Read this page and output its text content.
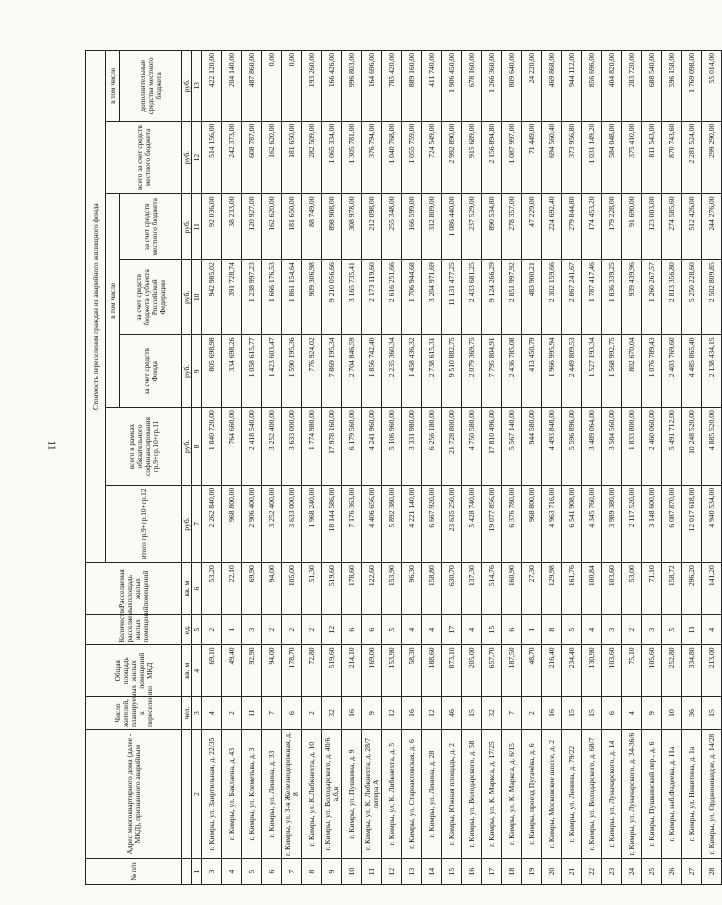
11
№ п/п	Адрес многоквартирного дома (далее - МКД), признанного аварийным	Число жителей, планируемых к переселению	Общая площадь жилых помещений МКД	Количество расселяемых жилых помещений	Расселяемая площадь жилых помещений	Стоимость переселения граждан из аварийного жилищного фонда						
						итого гр.9+гр.10+гр.12	всего в рамках обязательного софинансирования гр.9+гр.10+гр.11	в том числе			всего за счет средств местного бюджета	в том числе
								за счет средств Фонда	за счет средств бюджета субъекта Российской Федерации	за счет средств местного бюджета		дополнительные средства местного бюджета
		чел.	кв. м	ед.	кв. м	руб.	руб.	руб.	руб.	руб.	руб.	руб.
1	2	3	4	5	6	7	8	9	10	11	12	13
3	г. Кимры, ул. Заиртильная, д. 22/35	4	69,10	2	53,20	2 262 840,00	1 840 720,00	805 698,98	942 985,02	92 036,00	514 156,00	422 120,00
4	г. Кимры, ул. Баклаена, д. 43	2	49,40	1	22,10	968 800,00	764 660,00	334 698,26	391 728,74	38 233,00	242 373,00	204 140,00
5	г. Кимры, ул. Клеметьва, д. 3	11	92,90	3	69,90	2 906 400,00	2 418 540,00	1 058 615,77	1 238 997,23	120 927,00	608 787,00	487 860,00
6	г. Кимры, ул. Ленина, д. 33	7	94,00	2	94,00	3 252 400,00	3 252 400,00	1 423 603,47	1 666 176,53	162 620,00	162 620,00	0,00
7	г. Кимры, ул. 3-я Железнодорожная, д. 8	6	178,70	2	105,00	3 633 000,00	3 633 000,00	1 590 195,36	1 861 154,64	181 650,00	181 650,00	0,00
8	г. Кимры, ул. К.Либкнехта, д. 10	2	72,80	2	51,30	1 968 240,00	1 774 980,00	776 924,02	909 306,98	88 749,00	282 509,00	193 260,00
9	г. Кимры, ул. Володарского, д. 40/6 а,б,в	32	519,60	12	519,60	18 144 586,00	17 978 160,00	7 869 195,34	9 210 056,66	898 908,00	1 065 334,00	166 426,00
10	г. Кимры, ул. Пушкина, д. 9	16	214,10	6	178,60	7 176 363,00	6 179 560,00	2 704 846,59	3 165 735,41	308 978,00	1 305 781,00	996 803,00
11	г. Кимры, ул. К. Либкнехта, д. 28/7 литера А	9	169,00	6	122,60	4 406 656,00	4 241 960,00	1 856 742,40	2 173 119,60	212 098,00	376 794,00	164 696,00
12	г. Кимры, ул. К. Либкнехта, д. 5	12	153,90	5	153,90	5 892 380,00	5 106 960,00	2 235 360,34	2 616 251,66	255 348,00	1 040 768,00	785 420,00
13	г. Кимры, ул. Староактовская, д. 6	16	58,30	4	96,30	4 221 140,00	3 331 980,00	1 458 436,32	1 706 944,68	166 599,00	1 055 759,00	889 160,00
14	г. Кимры, ул. Ленина, д. 28	12	188,60	4	158,80	6 667 920,00	6 256 180,00	2 738 615,31	3 204 971,69	312 809,00	724 549,00	411 740,00
15	г. Кимры, Южная площадь, д. 2	46	873,10	17	630,70	23 635 250,00	21 728 800,00	9 510 882,75	11 131 477,25	1 086 440,00	2 992 890,00	1 906 450,00
16	г. Кимры, ул. Володарского, д. 58	15	205,00	4	137,30	5 428 740,00	4 750 580,00	2 079 369,75	2 433 681,25	237 529,00	915 689,00	678 160,00
17	г. Кимры, ул. К. Маркса, д. 17/25	32	657,70	15	514,76	19 077 856,00	17 810 496,00	7 795 804,91	9 124 266,29	890 534,80	2 156 894,80	1 266 360,00
18	г. Кимры, ул. К. Маркса, д. 6/15	7	187,50	6	160,90	6 376 780,00	5 567 140,00	2 436 785,08	2 851 997,92	278 357,00	1 087 997,00	809 640,00
19	г. Кимры, проезд Пугачёва, д. 6	2	48,70	1	27,30	968 800,00	944 580,00	413 450,79	483 900,21	47 229,00	71 449,00	24 220,00
20	г. Кимры, Московское шоссе, д. 2	16	216,40	8	129,98	4 963 716,00	4 493 848,00	1 966 995,94	2 302 159,66	224 692,40	694 560,40	469 868,00
21	г. Кимры, ул. Ленина, д. 79/22	15	234,40	5	161,76	6 541 908,00	5 596 896,00	2 449 809,53	2 867 241,67	279 844,80	373 956,80	944 112,00
22	г. Кимры, ул. Володарского, д. 68/7	15	130,90	4	100,84	4 345 760,00	3 489 064,00	1 527 193,34	1 787 417,46	174 453,20	1 031 149,20	856 696,00
23	г. Кимры, ул. Луначарского, д. 14	6	103,60	3	103,60	3 989 380,00	3 584 560,00	1 568 992,75	1 836 339,25	179 228,00	584 048,00	404 820,00
24	г. Кимры, ул. Луначарского, д. 34-36/6	4	75,10	2	53,00	2 117 520,00	1 833 800,00	802 670,04	939 439,96	91 690,00	375 410,00	283 720,00
25	г. Кимры, Пушкинский пер., д. 6	9	105,60	3	71,10	3 148 600,00	2 460 060,00	1 076 789,43	1 260 267,57	123 003,00	811 543,00	688 540,00
26	г. Кимры, наб.Фадеева, д. 11а	10	252,80	5	158,72	6 087 870,00	5 491 712,00	2 403 769,60	2 813 356,80	274 585,60	870 743,60	596 158,00
27	г. Кимры, ул. Никитина, д. 1а	36	334,80	11	296,20	12 017 618,00	10 248 520,00	4 485 865,40	5 250 228,60	512 426,00	2 281 524,00	1 769 098,00
28	г. Кимры, ул. Орджоникидзе, д. 14/28	15	213,00	4	141,20	4 940 534,00	4 885 520,00	2 138 434,15	2 502 809,85	244 276,00	299 290,00	55 014,00
